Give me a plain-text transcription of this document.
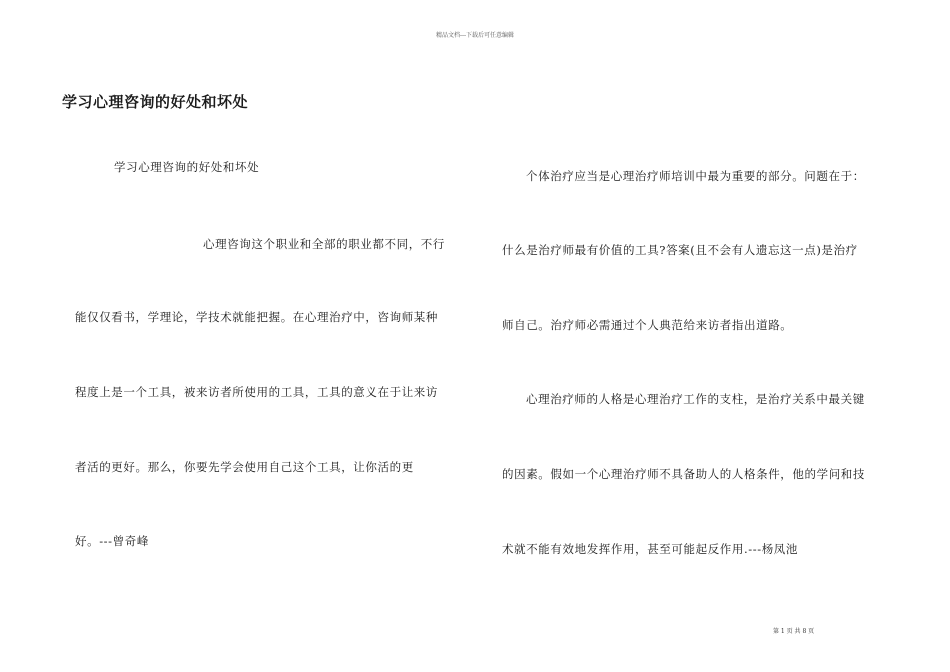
精品文档---下载后可任意编辑
学习心理咨询的好处和坏处
学习心理咨询的好处和坏处
心理咨询这个职业和全部的职业都不同，不行
能仅仅看书，学理论，学技术就能把握。在心理治疗中，咨询师某种
程度上是一个工具，被来访者所使用的工具，工具的意义在于让来访
者活的更好。那么，你要先学会使用自己这个工具，让你活的更
好。---曾奇峰
个体治疗应当是心理治疗师培训中最为重要的部分。问题在于：
什么是治疗师最有价值的工具?答案(且不会有人遗忘这一点)是治疗
师自己。治疗师必需通过个人典范给来访者指出道路。
心理治疗师的人格是心理治疗工作的支柱，是治疗关系中最关键
的因素。假如一个心理治疗师不具备助人的人格条件，他的学问和技
术就不能有效地发挥作用，甚至可能起反作用.---杨凤池
第 1 页 共 8 页
